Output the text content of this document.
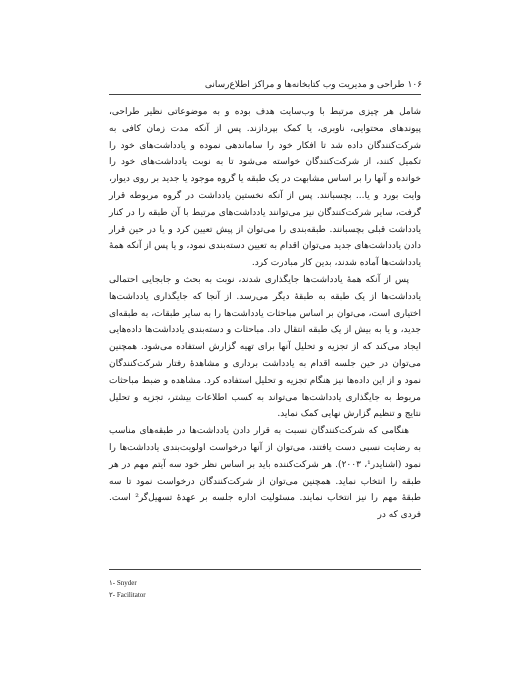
۱۰۶ طراحی و مدیریت وب کتابخانه‌ها و مراکز اطلاع‌رسانی

شامل هر چیزی مرتبط با وب‌سایت هدف بوده و به موضوعاتی نظیر طراحی، پیوندهای محتوایی، ناوبری، یا کمک بپردازند. پس از آنکه مدت زمان کافی به شرکت‌کنندگان داده شد تا افکار خود را ساماندهی نموده و یادداشت‌های خود را تکمیل کنند، از شرکت‌کنندگان خواسته می‌شود تا به نوبت یادداشت‌های خود را خوانده و آنها را بر اساس مشابهت در یک طبقه یا گروه موجود یا جدید بر روی دیوار، وایت بورد و یا... بچسبانند. پس از آنکه نخستین یادداشت در گروه مربوطه قرار گرفت، سایر شرکت‌کنندگان نیز می‌توانند یادداشت‌های مرتبط با آن طبقه را در کنار یادداشت قبلی بچسبانند. طبقه‌بندی را می‌توان از پیش تعیین کرد و یا در حین قرار دادن یادداشت‌های جدید می‌توان اقدام به تعیین دسته‌بندی نمود، و یا پس از آنکه همهٔ یادداشت‌ها آماده شدند، بدین کار مبادرت کرد.

پس از آنکه همهٔ یادداشت‌ها جایگذاری شدند، نوبت به بحث و جابجایی احتمالی یادداشت‌ها از یک طبقه به طبقهٔ دیگر می‌رسد. از آنجا که جایگذاری یادداشت‌ها اختیاری است، می‌توان بر اساس مباحثات یادداشت‌ها را به سایر طبقات، به طبقه‌ای جدید، و یا به بیش از یک طبقه انتقال داد. مباحثات و دسته‌بندی یادداشت‌ها داده‌هایی ایجاد می‌کند که از تجزیه و تحلیل آنها برای تهیه گزارش استفاده می‌شود. همچنین می‌توان در حین جلسه اقدام به یادداشت برداری و مشاهدهٔ رفتار شرکت‌کنندگان نمود و از این داده‌ها نیز هنگام تجزیه و تحلیل استفاده کرد. مشاهده و ضبط مباحثات مربوط به جایگذاری یادداشت‌ها می‌تواند به کسب اطلاعات بیشتر، تجزیه و تحلیل نتایج و تنظیم گزارش نهایی کمک نماید.

هنگامی که شرکت‌کنندگان نسبت به قرار دادن یادداشت‌ها در طبقه‌های مناسب به رضایت نسبی دست یافتند، می‌توان از آنها درخواست اولویت‌بندی یادداشت‌ها را نمود (اشنایدر¹، ۲۰۰۳). هر شرکت‌کننده باید بر اساس نظر خود سه آیتم مهم در هر طبقه را انتخاب نماید. همچنین می‌توان از شرکت‌کنندگان درخواست نمود تا سه طبقهٔ مهم را نیز انتخاب نمایند. مسئولیت اداره جلسه بر عهدهٔ تسهیل‌گر² است. فردی که در

۱- Snyder
۲- Facilitator
